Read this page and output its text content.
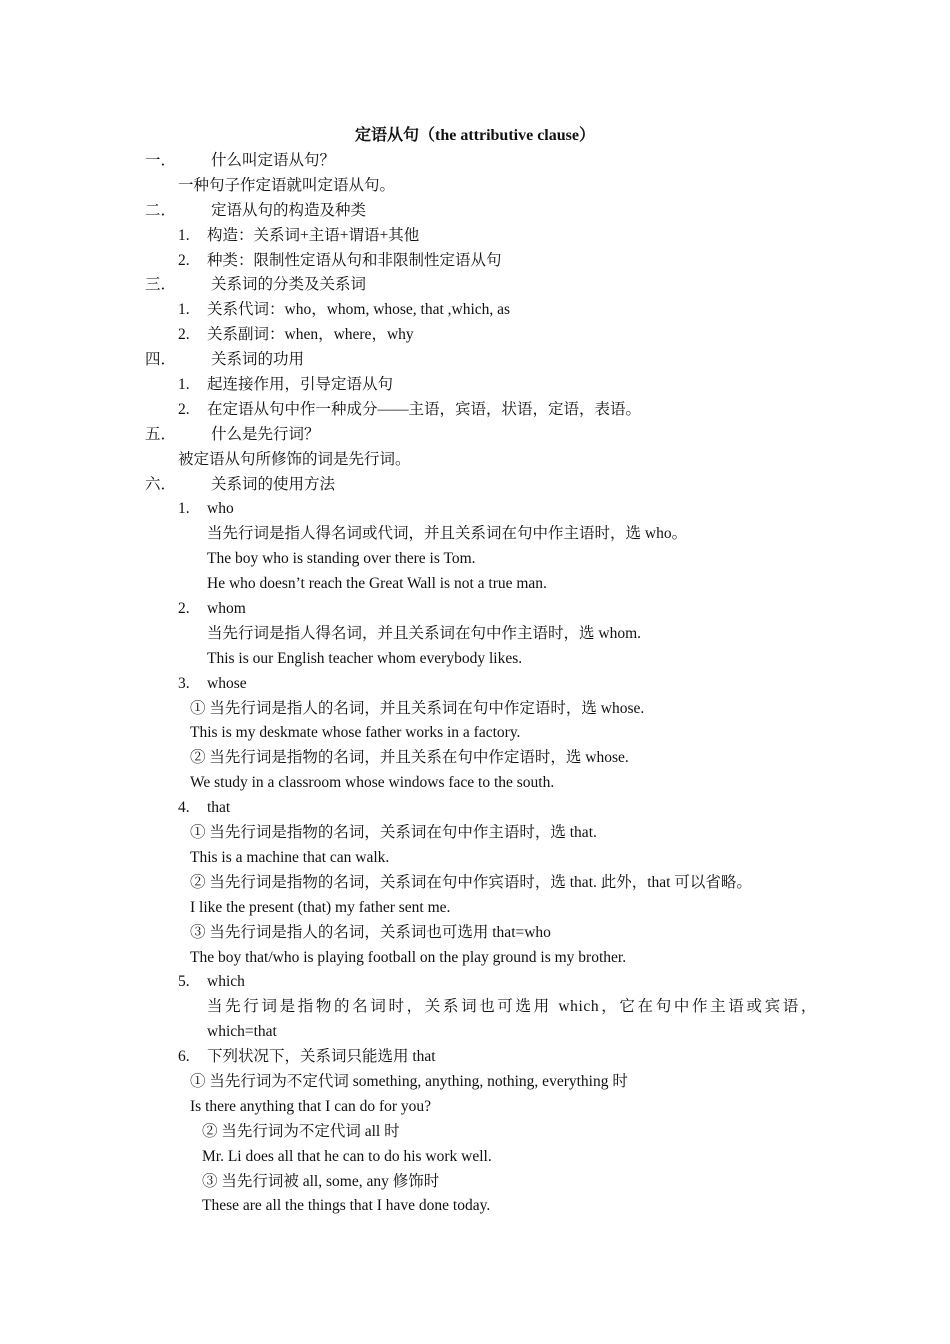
定语从句（the attributive clause）
一． 什么叫定语从句？
一种句子作定语就叫定语从句。
二． 定语从句的构造及种类
1. 构造：关系词+主语+谓语+其他
2. 种类：限制性定语从句和非限制性定语从句
三． 关系词的分类及关系词
1. 关系代词：who，whom, whose, that ,which, as
2. 关系副词：when，where，why
四． 关系词的功用
1. 起连接作用，引导定语从句
2. 在定语从句中作一种成分——主语，宾语，状语，定语，表语。
五． 什么是先行词？
被定语从句所修饰的词是先行词。
六． 关系词的使用方法
1. who
当先行词是指人得名词或代词，并且关系词在句中作主语时，选 who。
The boy who is standing over there is Tom.
He who doesn’t reach the Great Wall is not a true man.
2. whom
当先行词是指人得名词，并且关系词在句中作主语时，选 whom.
This is our English teacher whom everybody likes.
3. whose
① 当先行词是指人的名词，并且关系词在句中作定语时，选 whose.
This is my deskmate whose father works in a factory.
② 当先行词是指物的名词，并且关系在句中作定语时，选 whose.
We study in a classroom whose windows face to the south.
4. that
① 当先行词是指物的名词，关系词在句中作主语时，选 that.
This is a machine that can walk.
② 当先行词是指物的名词，关系词在句中作宾语时，选 that. 此外，that 可以省略。
I like the present (that) my father sent me.
③ 当先行词是指人的名词，关系词也可选用 that=who
The boy that/who is playing football on the play ground is my brother.
5. which
当先行词是指物的名词时，关系词也可选用 which，它在句中作主语或宾语，
which=that
6. 下列状况下，关系词只能选用 that
① 当先行词为不定代词 something, anything, nothing, everything 时
Is there anything that I can do for you?
② 当先行词为不定代词 all 时
Mr. Li does all that he can to do his work well.
③ 当先行词被 all, some, any 修饰时
These are all the things that I have done today.
